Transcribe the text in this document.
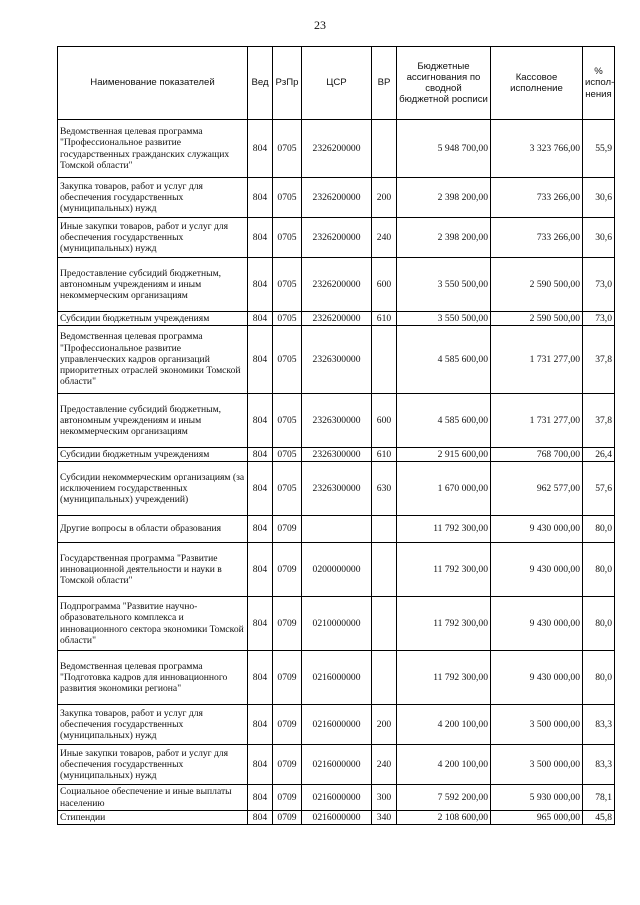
23
Наименование показателей	Вед	РзПр	ЦСР	ВР	Бюджетные ассигнования по сводной бюджетной росписи	Кассовое исполнение	% испол-нения
Ведомственная целевая программа "Профессиональное развитие государственных гражданских служащих Томской области"	804	0705	2326200000		5 948 700,00	3 323 766,00	55,9
Закупка товаров, работ и услуг для обеспечения государственных (муниципальных) нужд	804	0705	2326200000	200	2 398 200,00	733 266,00	30,6
Иные закупки товаров, работ и услуг для обеспечения государственных (муниципальных) нужд	804	0705	2326200000	240	2 398 200,00	733 266,00	30,6
Предоставление субсидий бюджетным, автономным учреждениям и иным некоммерческим организациям	804	0705	2326200000	600	3 550 500,00	2 590 500,00	73,0
Субсидии бюджетным учреждениям	804	0705	2326200000	610	3 550 500,00	2 590 500,00	73,0
Ведомственная целевая программа "Профессиональное развитие управленческих кадров организаций приоритетных отраслей экономики Томской области"	804	0705	2326300000		4 585 600,00	1 731 277,00	37,8
Предоставление субсидий бюджетным, автономным учреждениям и иным некоммерческим организациям	804	0705	2326300000	600	4 585 600,00	1 731 277,00	37,8
Субсидии бюджетным учреждениям	804	0705	2326300000	610	2 915 600,00	768 700,00	26,4
Субсидии некоммерческим организациям (за исключением государственных (муниципальных) учреждений)	804	0705	2326300000	630	1 670 000,00	962 577,00	57,6
Другие вопросы в области образования	804	0709			11 792 300,00	9 430 000,00	80,0
Государственная программа "Развитие инновационной деятельности и науки в Томской области"	804	0709	0200000000		11 792 300,00	9 430 000,00	80,0
Подпрограмма "Развитие научно-образовательного комплекса и инновационного сектора экономики Томской области"	804	0709	0210000000		11 792 300,00	9 430 000,00	80,0
Ведомственная целевая программа "Подготовка кадров для инновационного развития экономики региона"	804	0709	0216000000		11 792 300,00	9 430 000,00	80,0
Закупка товаров, работ и услуг для обеспечения государственных (муниципальных) нужд	804	0709	0216000000	200	4 200 100,00	3 500 000,00	83,3
Иные закупки товаров, работ и услуг для обеспечения государственных (муниципальных) нужд	804	0709	0216000000	240	4 200 100,00	3 500 000,00	83,3
Социальное обеспечение и иные выплаты населению	804	0709	0216000000	300	7 592 200,00	5 930 000,00	78,1
Стипендии	804	0709	0216000000	340	2 108 600,00	965 000,00	45,8
